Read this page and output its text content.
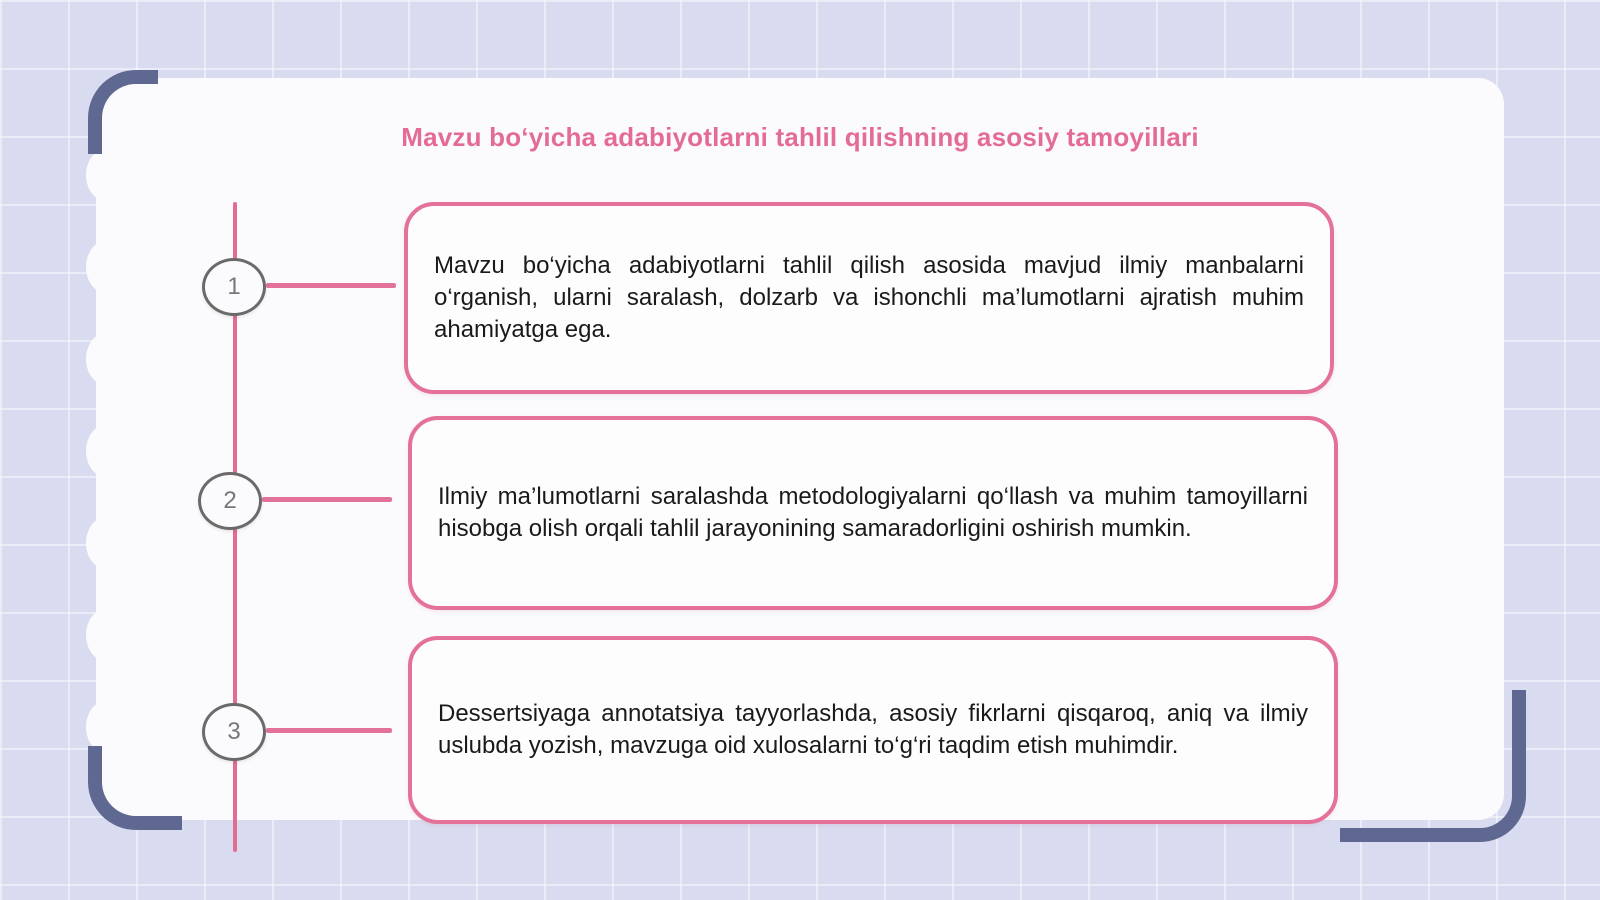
Mavzu boʻyicha adabiyotlarni tahlil qilishning asosiy tamoyillari
1
Mavzu bo‘yicha adabiyotlarni tahlil qilish asosida mavjud ilmiy manbalarni o‘rganish, ularni saralash, dolzarb va ishonchli ma’lumotlarni ajratish muhim ahamiyatga ega.
2	Ilmiy ma’lumotlarni saralashda metodologiyalarni qo‘llash va muhim tamoyillarni hisobga olish orqali tahlil jarayonining samaradorligini oshirish mumkin.
3
Dessertsiyaga annotatsiya tayyorlashda, asosiy fikrlarni qisqaroq, aniq va ilmiy uslubda yozish, mavzuga oid xulosalarni to‘g‘ri taqdim etish muhimdir.
